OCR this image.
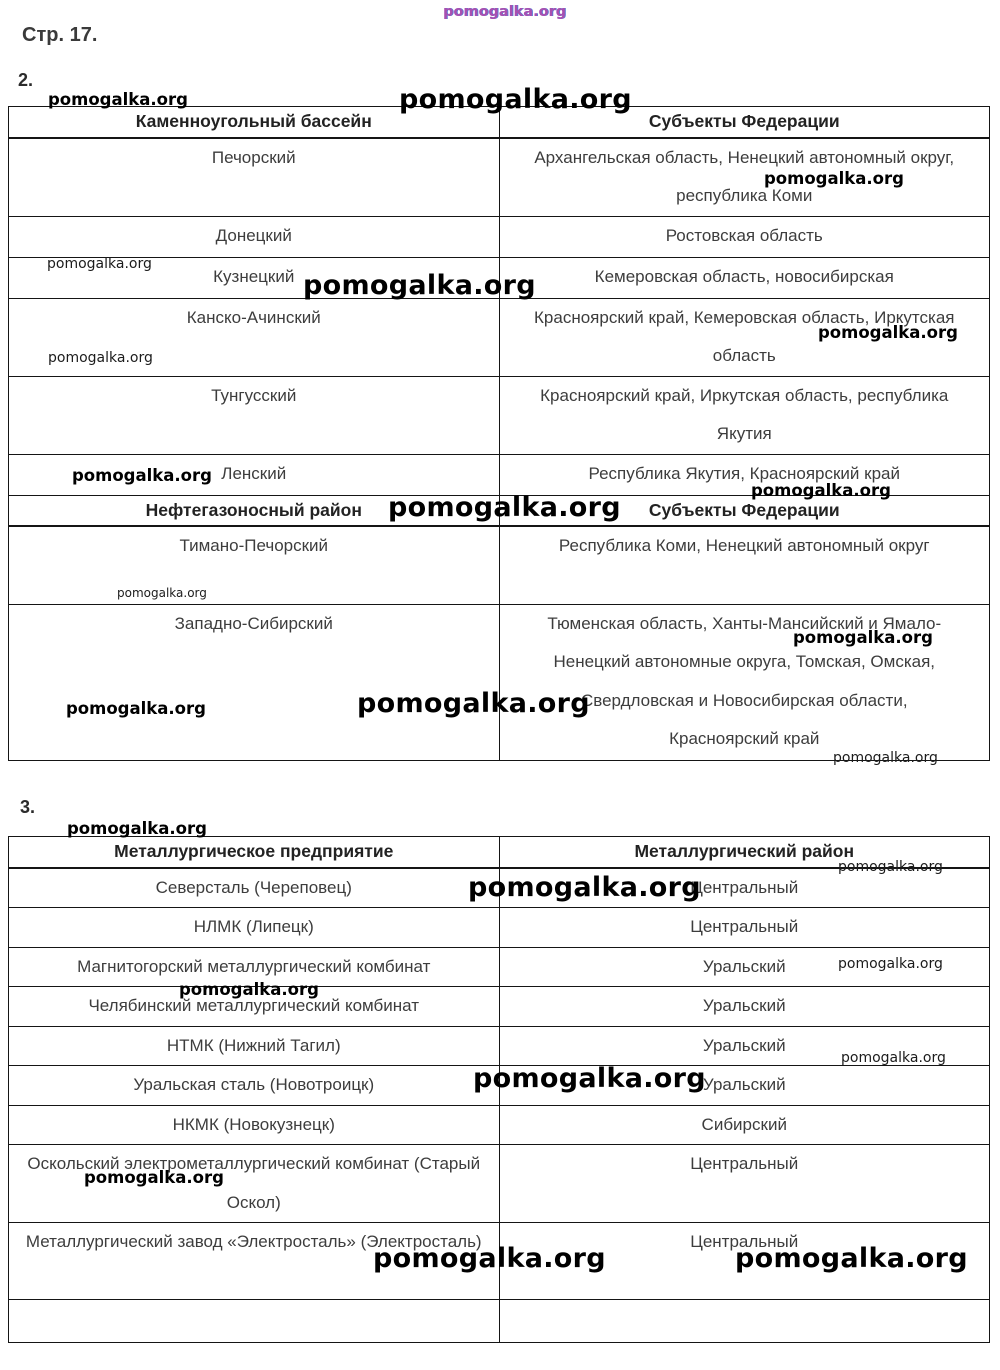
Стр. 17.
2.
3.
Каменноугольный бассейн	Субъекты Федерации
Печорский	Архангельская область, Ненецкий автономный округ, республика Коми
Донецкий	Ростовская область
Кузнецкий	Кемеровская область, новосибирская
Канско-Ачинский	Красноярский край, Кемеровская область, Иркутская область
Тунгусский	Красноярский край, Иркутская область, республика Якутия
Ленский	Республика Якутия, Красноярский край
Нефтегазоносный район	Субъекты Федерации
Тимано-Печорский	Республика Коми, Ненецкий автономный округ
Западно-Сибирский	Тюменская область, Ханты-Мансийский и Ямало-Ненецкий автономные округа, Томская, Омская, Свердловская и Новосибирская области, Красноярский край
Металлургическое предприятие	Металлургический район
Северсталь (Череповец)	Центральный
НЛМК (Липецк)	Центральный
Магнитогорский металлургический комбинат	Уральский
Челябинский металлургический комбинат	Уральский
НТМК (Нижний Тагил)	Уральский
Уральская сталь (Новотроицк)	Уральский
НКМК (Новокузнецк)	Сибирский
Оскольский электрометаллургический комбинат (Старый Оскол)	Центральный
Металлургический завод «Электросталь» (Электросталь)	Центральный

pomogalka.org
pomogalka.org	pomogalka.org
pomogalka.org
pomogalka.org
pomogalka.org
pomogalka.org
pomogalka.org
pomogalka.org
pomogalka.org
pomogalka.org
pomogalka.org
pomogalka.org
pomogalka.org
pomogalka.org
pomogalka.org
pomogalka.org
pomogalka.org
pomogalka.org
pomogalka.org
pomogalka.org
pomogalka.org
pomogalka.org
pomogalka.org
pomogalka.org	pomogalka.org
